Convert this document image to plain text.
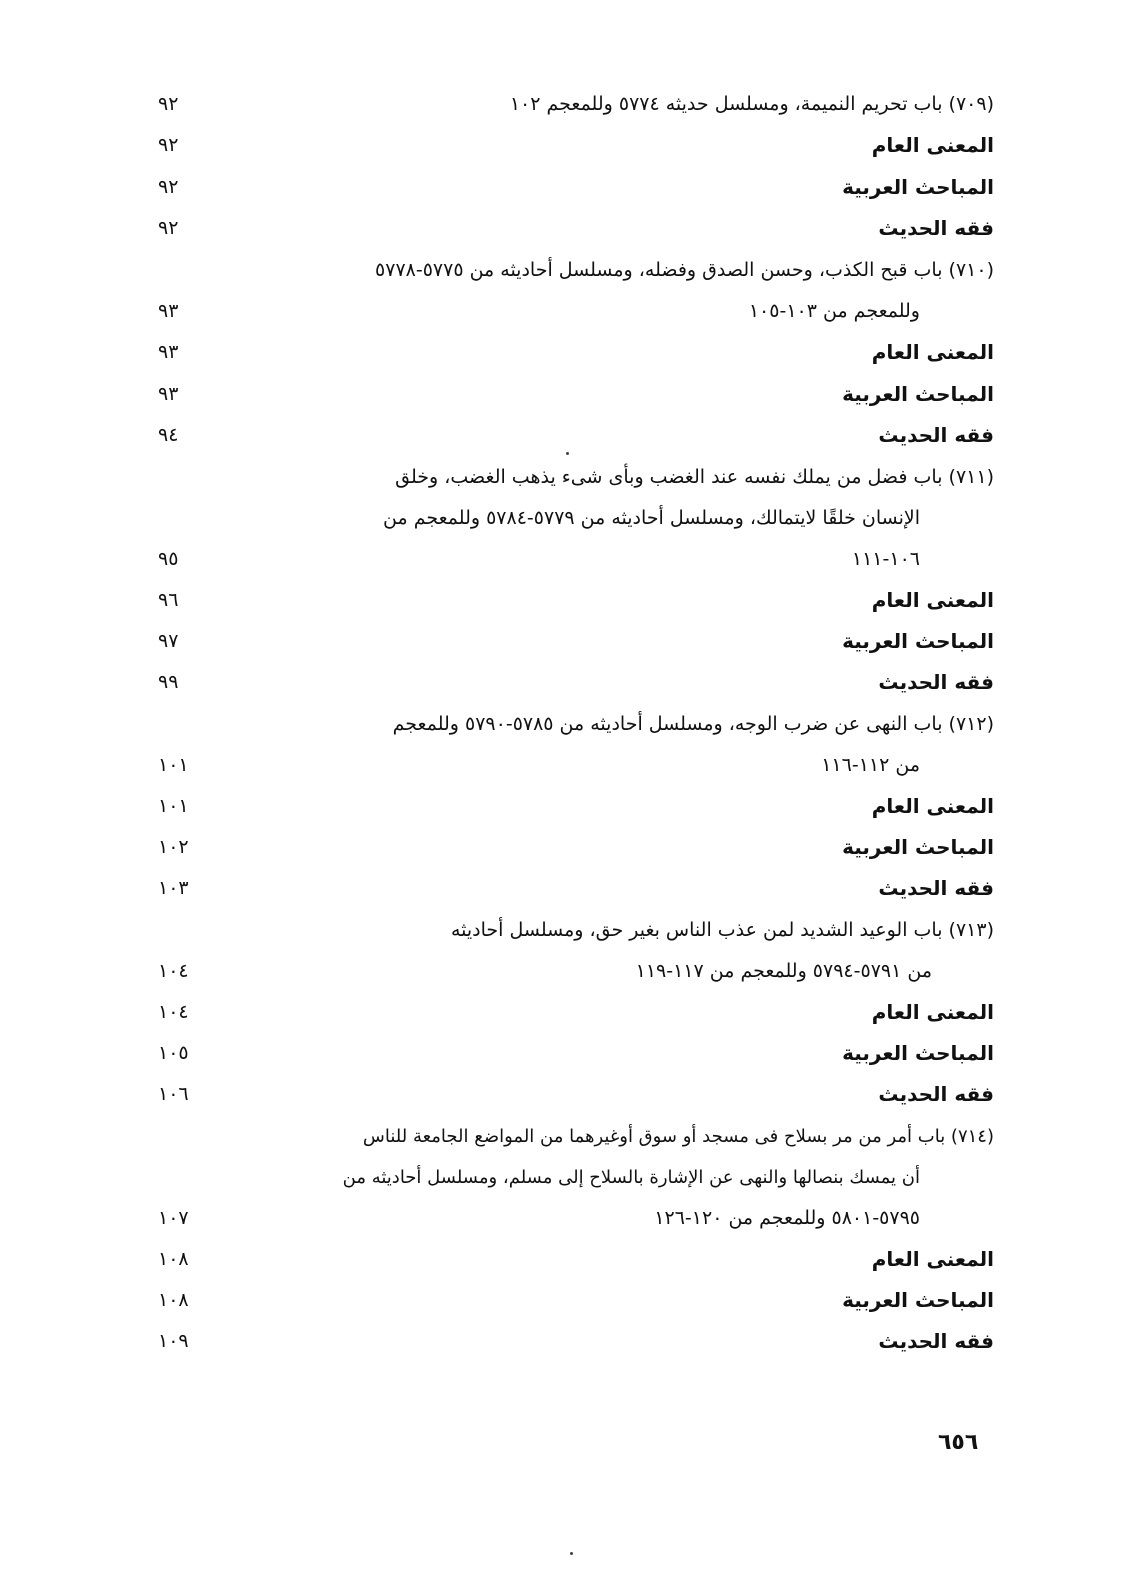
(٧٠٩) باب تحريم النميمة، ومسلسل حديثه ٥٧٧٤ وللمعجم ١٠٢
٩٢
المعنى العام
٩٢
المباحث العربية
٩٢
فقه الحديث
٩٢
(٧١٠) باب قبح الكذب، وحسن الصدق وفضله، ومسلسل أحاديثه من ٥٧٧٥-٥٧٧٨
وللمعجم من ١٠٣-١٠٥
٩٣
المعنى العام
٩٣
المباحث العربية
٩٣
فقه الحديث
٩٤
(٧١١) باب فضل من يملك نفسه عند الغضب وبأى شىء يذهب الغضب، وخلق
الإنسان خلقًا لايتمالك، ومسلسل أحاديثه من ٥٧٧٩-٥٧٨٤ وللمعجم من
١٠٦-١١١
٩٥
المعنى العام
٩٦
المباحث العربية
٩٧
فقه الحديث
٩٩
(٧١٢) باب النهى عن ضرب الوجه، ومسلسل أحاديثه من ٥٧٨٥-٥٧٩٠ وللمعجم
من ١١٢-١١٦
١٠١
المعنى العام
١٠١
المباحث العربية
١٠٢
فقه الحديث
١٠٣
(٧١٣) باب الوعيد الشديد لمن عذب الناس بغير حق، ومسلسل أحاديثه
من ٥٧٩١-٥٧٩٤ وللمعجم من ١١٧-١١٩
١٠٤
المعنى العام
١٠٤
المباحث العربية
١٠٥
فقه الحديث
١٠٦
(٧١٤) باب أمر من مر بسلاح فى مسجد أو سوق أوغيرهما من المواضع الجامعة للناس
أن يمسك بنصالها والنهى عن الإشارة بالسلاح إلى مسلم، ومسلسل أحاديثه من
٥٧٩٥-٥٨٠١ وللمعجم من ١٢٠-١٢٦
١٠٧
المعنى العام
١٠٨
المباحث العربية
١٠٨
فقه الحديث
١٠٩
٦٥٦
